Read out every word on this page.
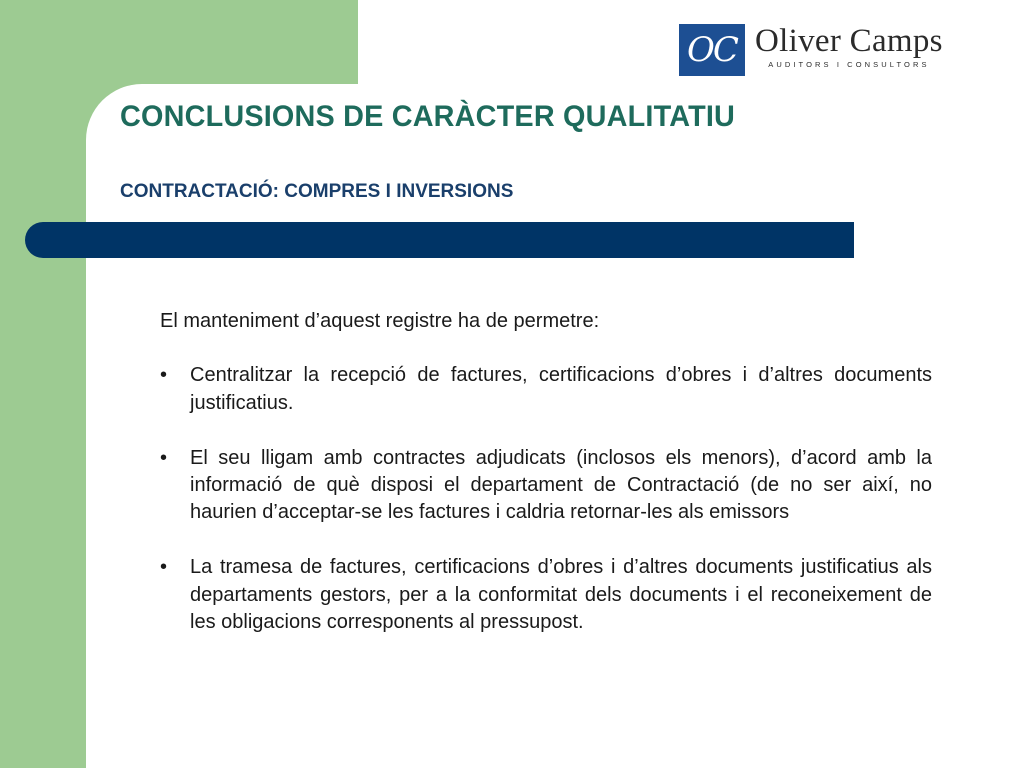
OC Oliver Camps
AUDITORS I CONSULTORS
CONCLUSIONS DE CARÀCTER QUALITATIU
CONTRACTACIÓ: COMPRES I INVERSIONS

El manteniment d’aquest registre ha de permetre:

• Centralitzar la recepció de factures, certificacions d’obres i d’altres documents justificatius.
• El seu lligam amb contractes adjudicats (inclosos els menors), d’acord amb la informació de què disposi el departament de Contractació (de no ser així, no haurien d’acceptar-se les factures i caldria retornar-les als emissors
• La tramesa de factures, certificacions d’obres i d’altres documents justificatius als departaments gestors, per a la conformitat dels documents i el reconeixement de les obligacions corresponents al pressupost.
